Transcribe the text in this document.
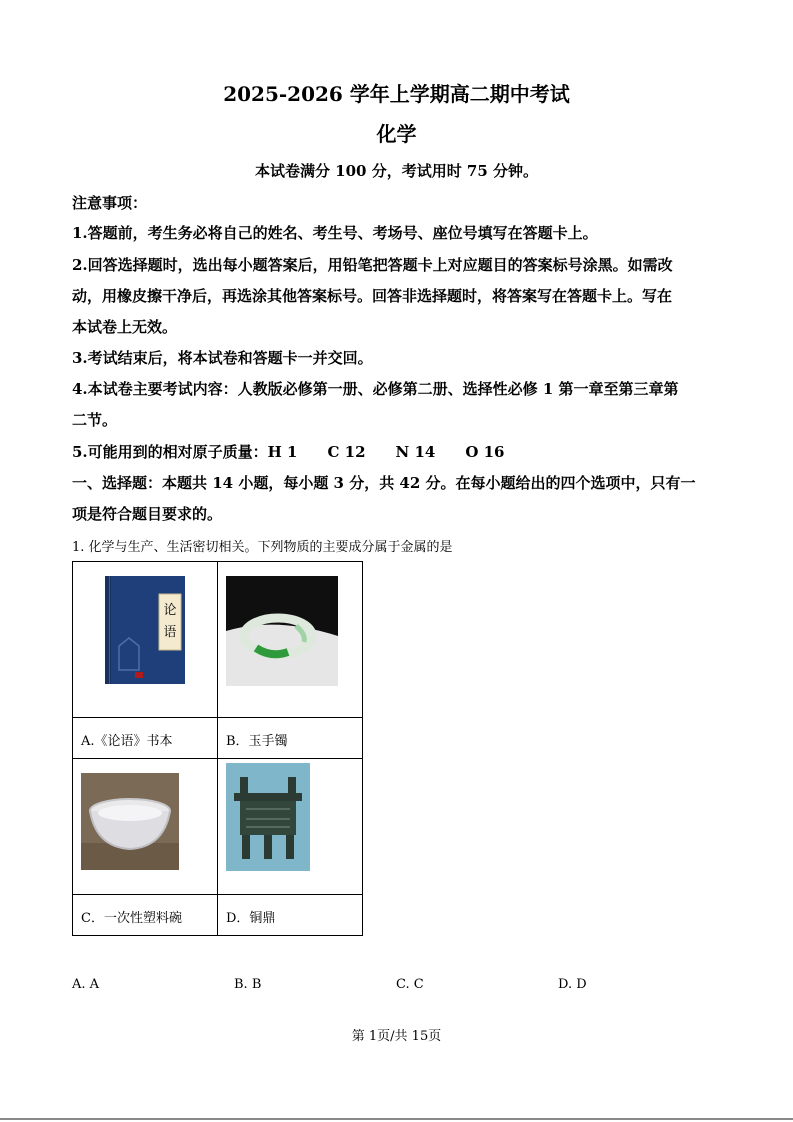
2025-2026 学年上学期高二期中考试
化学
本试卷满分 100 分，考试用时 75 分钟。
注意事项：
1.答题前，考生务必将自己的姓名、考生号、考场号、座位号填写在答题卡上。
2.回答选择题时，选出每小题答案后，用铅笔把答题卡上对应题目的答案标号涂黑。如需改
动，用橡皮擦干净后，再选涂其他答案标号。回答非选择题时，将答案写在答题卡上。写在
本试卷上无效。
3.考试结束后，将本试卷和答题卡一并交回。
4.本试卷主要考试内容：人教版必修第一册、必修第二册、选择性必修 1 第一章至第三章第
二节。
5.可能用到的相对原子质量：H 1　　C 12　　N 14　　O 16
一、选择题：本题共 14 小题，每小题 3 分，共 42 分。在每小题给出的四个选项中，只有一
项是符合题目要求的。
1. 化学与生产、生活密切相关。下列物质的主要成分属于金属的是
论
语

A.《论语》书本	B．玉手镯

C．一次性塑料碗	D．铜鼎
A. A	B. B	C. C	D. D
第 1页/共 15页
